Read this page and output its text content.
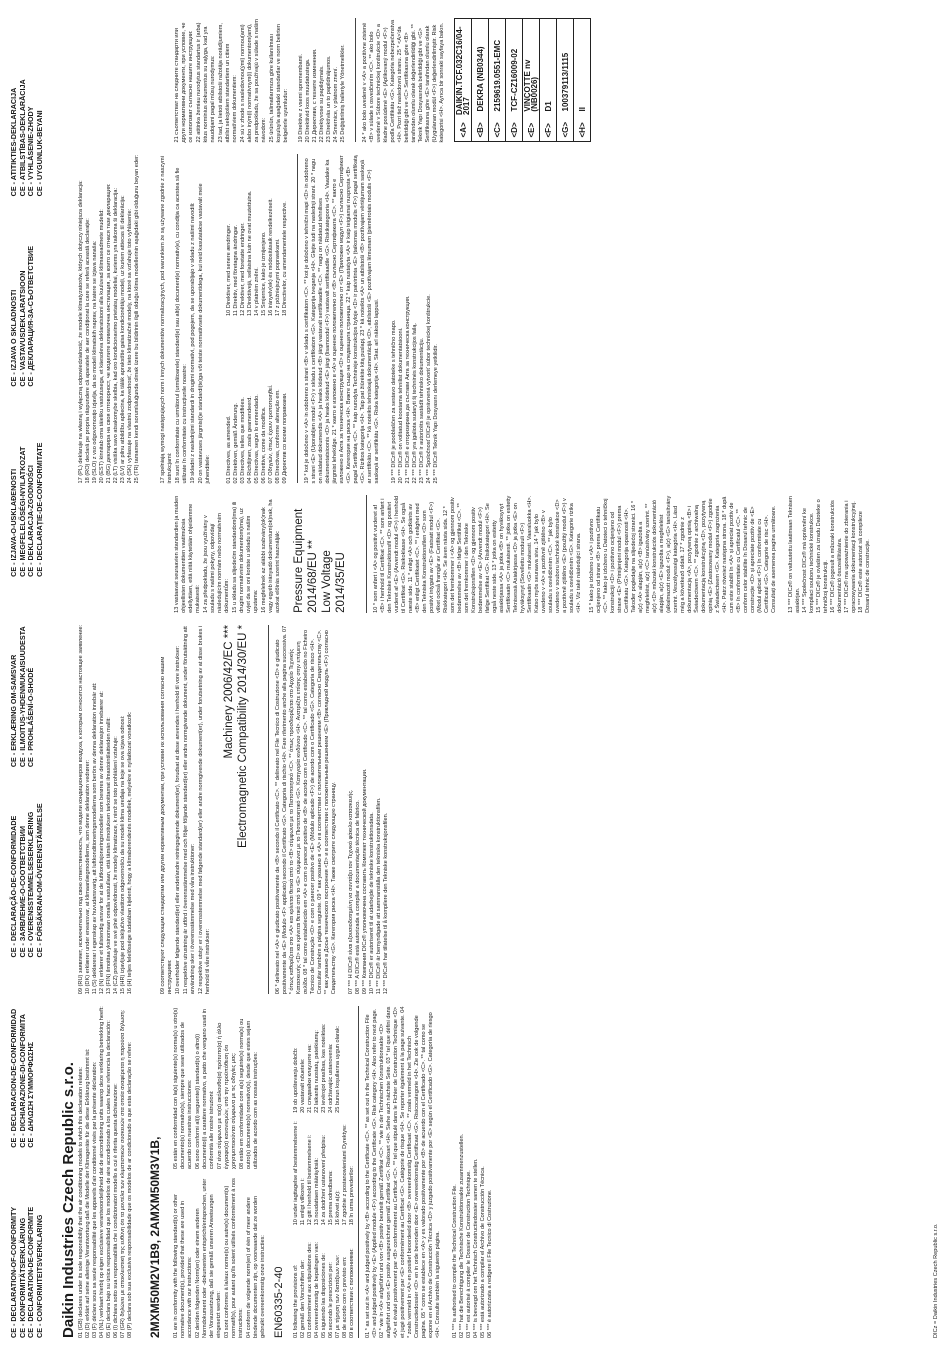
CE - DECLARATION-OF-CONFORMITY CE - KONFORMITÄTSERKLÄRUNG CE - DECLARATION-DE-CONFORMITE CE - CONFORMITEITSVERKLARING
CE - DECLARACION-DE-CONFORMIDAD CE - DICHIARAZIONE-DI-CONFORMITA CE - ΔΗΛΩΣΗ ΣΥΜΜΟΡΦΩΣΗΣ
CE - DECLARAÇÃO-DE-CONFORMIDADE CE - ЗАЯВЛЕНИЕ-О-СООТВЕТСТВИИ CE - OVERENSSTEMMELSESERKLÆRING CE - FÖRSÄKRAN-OM-ÖVERENSTÄMMELSE
CE - ERKLÆRING OM-SAMSVAR CE - ILMOITUS-YHDENMUKAISUUDESTA CE - PROHLÁŠENÍ-O-SHODĚ
CE - IZJAVA-O-USKLAĐENOSTI CE - MEGFELELŐSÉGI-NYILATKOZAT CE - DEKLARACJA-ZGODNOŚCI CE - DECLARAȚIE-DE-CONFORMITATE
CE - IZJAVA O SKLADNOSTI CE - VASTAVUSDEKLARATSIOON CE - ДЕКЛАРАЦИЯ-ЗА-СЪОТВЕТСТВИЕ
CE - ATITIKTIES-DEKLARACIJA CE - ATBILSTĪBAS-DEKLARĀCIJA CE - VYHLÁSENIE-ZHODY CE - UYGUNLUK-BEYANI
Daikin Industries Czech Republic s.r.o. 01 (GB) declares under its sole responsibility that the air conditioning models to which this declaration relates: 02 (D) erklärt auf seine alleinige Verantwortung daß die Modelle der Klimageräte für die diese Erklärung bestimmt ist: 03 (F) déclare sous sa seule responsabilité que les appareils d'air conditionné visés par la présente déclaration: 04 (NL) verklaart hierbij op eigen exclusieve verantwoordelijkheid dat de airconditioning units waarop deze verklaring betrekking heeft: 05 (E) declara bajo su única responsabilidad que los modelos de aire acondicionado a los cuales hace referencia la declaración: 06 (I) dichiara sotto sua responsabilità che i condizionatori modello a cui è riferita questa dichiarazione: 07 (GR) δηλώνει με αποκλειστική της ευθύνη ότι τα μοντέλα των κλιματιστικών συσκευών στα οποία αναφέρεται η παρούσα δήλωση: 08 (P) declara sob sua exclusiva responsabilidade que os modelos de ar condicionado a que esta declaração se refere: 2MXM50M2V1B9, 2AMXM50M3V1B, 01 are in conformity with the following standard(s) or other normative document(s), provided that these are used in accordance with our instructions: 02 der/den folgenden Norm(en) oder einem anderen Normdokument oder -dokumenten entspricht/entsprechen, unter der Voraussetzung, daß sie gemäß unseren Anweisungen eingesetzt werden: 03 sont conformes à la/aux norme(s) ou autre(s) document(s) normatif(s), pour autant qu'ils soient utilisés conformément à nos instructions: 04 conform de volgende norm(en) of één of meer andere bindende documenten zijn, op voorwaarde dat ze worden gebruikt overeenkomstig onze instructies:

05 están en conformidad con la(s) siguiente(s) norma(s) u otro(s) documento(s) normativo(s), siempre que sean utilizados de acuerdo con nuestras instrucciones: 06 sono conformi al(i) seguente(i) standard(s) o altro(i) documento(i) a carattere normativo, a patto che vengano usati in conformità alle nostre istruzioni: 07 είναι σύμφωνα με το(α) ακόλουθο(α) πρότυπο(α) ή άλλο έγγραφο(α) κανονισμών, υπό την προϋπόθεση ότι χρησιμοποιούνται σύμφωνα με τις οδηγίες μας: 08 estão em conformidade com a(s) seguinte(s) norma(s) ou outro(s) documento(s) normativo(s), desde que estes sejam utilizados de acordo com as nossas instruções:

EN60335-2-40 01 following the provisions of: 02 gemäß den Vorschriften der: 03 conformément aux stipulations des: 04 overeenkomstig de bepalingen van: 05 siguiendo las disposiciones de: 06 secondo le prescrizioni per: 07 με τήρηση των διατάξεων των: 08 de acordo com o previsto em: 09 в соответствии с положениями:
10 under iagttagelse af bestemmelserne i: 11 enligt villkoren i: 12 gitt i henhold til bestemmelsene i: 13 noudattaen määräyksiä: 14 za dodržení ustanovení předpisu: 15 prema odredbama: 16 követi a(z): 17 zgodnie z postanowieniami Dyrektyw: 18 în urma prevederilor:
19 ob upoštevanju določb: 20 vastavalt nõuetele: 21 следвайки клаузите на: 22 laikantis nuostatų, pateikiamų: 23 ievērojot prasības, kas noteiktas: 24 održiavajúc ustanovenia: 25 bunun koşullarına uygun olarak:	01 * as set out in <A> and judged positively by <B> according to the Certificate <C>. ** as set out in the Technical Construction File <D> and judged positively by <E> (Applied module <F>) according to the Certificate <G>. Risk category <H>. Also refer to next page. 02 * wie in <A> aufgeführt und von <B> positiv beurteilt gemäß Zertifikat <C>. ** wie in der Technischen Konstruktionsakte <D> aufgeführt und von <E> positiv ausgezeichnet gemäß Zertifikat <G>. Risikoart <H>. Siehe auch nächste Seite. 03 * tel que défini dans <A> et évalué positivement par <B> conformément au Certificat <C>. ** tel que stipulé dans le Fichier de Construction Technique <D> et jugé positivement par <E> conformément au Certificat <G>. Catégorie de risque <H>. Se reporter également à la page suivante. 04 * zoals vermeld in <A> en positief beoordeeld door <B> overeenkomstig Certificaat <C>. ** zoals vermeld in het Technisch Constructiedossier <D> en in orde bevonden door <E> overeenkomstig Certificaat <G>. Risicocategorie <H>. Zie ook de volgende pagina. 05 * como se establece en <A> y es valorado positivamente por <B> de acuerdo con el Certificado <C>. ** tal como se expone en el Archivo de Construcción Técnica <D> y juzgado positivamente por <E> según el Certificado <G>. Categoría de riesgo <H>. Consulte también la siguiente página. 01 *** is authorised to compile the Technical Construction File. 02 *** hat die Berechtigung die Technische Konstruktionsakte zusammenzustellen. 03 *** est autorisé à compiler le Dossier de Construction Technique. 04 *** is bevoegd om het Technisch Constructiedossier samen te stellen. 05 *** está autorizado a compilar el Archivo de Construcción Técnica. 06 *** è autorizzata a redigere il File Tecnico di Costruzione.	DICz = Daikin Industries Czech Republic s.r.o.
09 (RU) заявляет, исключительно под свою ответственность, что модели кондиционеров воздуха, к которым относится настоящее заявление: 10 (DK) erklærer under eneansvar, at klimaanlægmodellerne, som denne deklaration vedrører: 11 (S) deklarerar i egenskap av huvudansvarig, att luftkonditioneringsmodellerna som berörs av denna deklaration innebär att: 12 (N) erklærer et fullstendig ansvar for at de luftkondisjoneringsmodeller som berøres av denne deklarasjon innebærer at: 13 (FIN) ilmoittaa yksinomaan omalla vastuullaan, että tämän ilmoituksen tarkoittamat ilmastointilaitteiden mallit: 14 (CZ) prohlašuje ve své plné odpovědnosti, že modely klimatizace, k nimž se toto prohlášení vztahuje: 15 (HR) izjavljuje pod isključivo vlastitom odgovornošću da su modeli klima uređaja na koje se ova izjava odnosi: 16 (H) teljes felelőssége tudatában kijelenti, hogy a klímaberendezés modellek, melyekre e nyilatkozat vonatkozik:	09 соответствуют следующим стандартам или другим нормативным документам, при условии их использования согласно нашим инструкциям: 10 overholder følgende standard(er) eller andet/andre retningsgivende dokument(er), forudsat at disse anvendes i henhold til vore instrukser: 11 respektive utrustning är utförd i överensstämmelse med och följer följande standard(er) eller andra normgivande dokument, under förutsättning att användning sker i överensstämmelse med våra instruktioner: 12 respektive utstyr er i overensstemmelse med følgende standard(er) eller andre normgivende dokument(er), under forutsetning av at disse brukes i henhold til våre instrukser:

Machinery 2006/42/EC *** Electromagnetic Compatibility 2014/30/EU *	06 * delineato nel <A> e giudicato positivamente da <B> secondo il Certificato <C>. ** delineato nel File Tecnico di Costruzione <D> e giudicato positivamente da <E> (Modulo <F> applicato) secondo il Certificato <G>. Categoria di rischio <H>. Fare riferimento anche alla pagina successiva. 07 * όπως καθορίζεται στο <A> και κρίνεται θετικά από το <B> σύμφωνα με το Πιστοποιητικό <C>. ** όπως προσδιορίζεται στο Αρχείο Τεχνικής Κατασκευής <D> και κρίνεται θετικά από το <E> σύμφωνα με το Πιστοποιητικό <G>. Κατηγορία κινδύνου <H>. Ανατρέξτε επίσης στην επόμενη σελίδα. 08 * tal como estabelecido em <A> e com o parecer positivo de <B> de acordo com o Certificado <C>. ** tal como estabelecido no Ficheiro Técnico de Construção <D> e com o parecer positivo de <E> (Módulo aplicado <F>) de acordo com o Certificado <G>. Categoria de risco <H>. Consultar também a página seguinte. 09 * как указано в <A> и в соответствии с положительным решением <B> согласно Свидетельству <C>. ** как указано в Досье технического построения <D> и в соответствии с положительным решением <E> (Прикладной модуль <F>) согласно Свидетельству <G>. Категория риска <H>. Также смотрите следующую страницу. 07 *** Η DICz® είναι εξουσιοδοτημένη να συντάξει τον Τεχνικό φάκελο κατασκευής. 08 *** A DICz® está autorizada a compilar a documentação técnica de fabrico. 09 *** Компания DICz® уполномочена составить Комплект технической документации. 10 *** DICz® er autoriseret til at udarbejde de tekniske konstruktionsdata. 11 *** DICz® är bemyndigade att sammanställa den tekniska konstruktionsfilen. 12 *** DICz® har tillatelse til å kompilere den Tekniske konstruksjonsfilen.

13 vastaavat seuraavien standardien ja muiden ohjeellisten dokumenttien vaatimuksia edellyttäen, että niitä käytetään ohjeidemme mukaisesti: 14 za předpokladu, že jsou využívány v souladu s našimi pokyny, odpovídají následujícím normám nebo normativním dokumentům: 15 u skladu sa slijedećim standardom(ima) ili drugim normativnim dokumentom(ima), uz uvjet da se oni koriste u skladu s našim uputama: 16 megfelelnek az alábbi szabvány(ok)nak vagy egyéb irányadó dokumentum(ok)nak, ha azokat előírás szerint használják: Pressure Equipment 2014/68/EU ** Low Voltage 2014/35/EU	10 * som anført i <A> og positivt vurderet af <B> i henhold til Certifikat <C>. ** som anført i den Tekniske Konstruktionsfil <D> og positivt vurderet af <E> (Anvendt modul <F>) i henhold til Certifikat <G>. Risikoklasse <H>. Se også næste side. 11 * enligt <A> och godkänts av <B> enligt Certifikatet <C>. ** i enlighet med den Tekniska Konstruktionsfilen <D> som positivt intygats av <E> (Fastsatt modul <F>) vilket också framgår av Certifikat <G>. Riskkategori <H>. Se även nästa sida. 12 * som det fremkommer i <A> og gjennom positiv bedømmelse av <B> ifølge Sertifikat <C>. ** som det fremkommer i den Tekniske Konstruksjonsfilen <D> og gjennom positiv bedømmelse av <E> (Anvendt modul <F>) ifølge Sertifikat <G>. Risikokategori <H>. Se også neste side. 13 * jotka on esitetty asiakirjassa <A> ja jotka <B> on hyväksynyt Sertifikaatin <C> mukaisesti. ** jotka on esitetty Teknisessä Asiakirjassa <D> ja jotka <E> on hyväksynyt (Sovellettu moduuli <F>) Sertifikaatin <G> mukaisesti. Vaaraluokka <H>. Katso myös seuraava sivu. 14 * jak bylo uvedeno v <A> a pozitivně zjištěno <B> v souladu s osvědčením <C>. ** jak bylo uvedeno v souboru technické konstrukce <D> a pozitivně zjištěno <E> (použitý modul <F>) v souladu s osvědčením <G>. Kategorie rizika <H>. Viz také následující strana. 15 * kako je izloženo u <A> i pozitivno ocijenjeno od strane <B> prema Certifikatu <C>. ** kako je izloženo u Datoteci o tehničkoj konstrukciji <D> i pozitivno ocijenjeno od strane <E> (Primijenjeni modul <F>) prema Certifikatu <G>. Kategorija opasnosti <H>. Također pogledajte na slijedećoj stranici. 16 * a(z) <A> alapján, a(z) <B> igazolta a megfelelést, a(z) <C> tanúsítvány szerint. ** a(z) <D> műszaki konstrukciós dokumentáció alapján, a(z) <E> igazolta a megfelelést (alkalmazott modul: <F>), a(z) <G> tanúsítvány szerint. Veszélyességi kategória <H>. Lásd még a következő oldalt. 17 * zgodnie z dokumentacją <A>, pozytywną opinią <B> i Świadectwem <C>. ** zgodnie z archiwalną dokumentacją konstrukcyjną <D>, pozytywną opinią <E> (Zastosowany moduł <F>) zgodnie z Świadectwem <G>. Kategoria zagrożenia <H>. Patrz również następna strona. 18 * după cum este stabilit în <A> și apreciat pozitiv de <B> în conformitate cu Certificatul <C>. ** conform celor stabilite în Dosarul tehnic de construcție <D> și apreciate pozitiv de <E> (Modul aplicat <F>) în conformitate cu Certificatul <G>. Categorie de risc <H>. Consultați de asemenea pagina următoare. 13 *** DICz® on valtuutettu laatimaan Teknisen asiakirjan. 14 *** Společnost DICz® má oprávnění ke kompilaci souboru technické konstrukce. 15 *** DICz® je ovlašten za izradu Datoteke o tehničkoj konstrukciji. 16 *** DICz® jogosult a műszaki konstrukciós dokumentáció összeállítására. 17 *** DICz® ma upoważnienie do zbierania i opracowywania dokumentacji konstrukcyjnej. 18 *** DICz® este autorizat să compileze Dosarul tehnic de construcție.
17 (PL) deklaruje na własną i wyłączną odpowiedzialność, że modele klimatyzatorów, których dotyczy niniejsza deklaracja: 18 (RO) declară pe propria răspundere că aparatele de aer condiționat la care se referă această declarație: 19 (SLO) z vso odgovornostjo izjavlja, da so modeli klimatskih naprav, na katere se izjava nanaša: 20 (EST) kinnitab oma täieliku vastutusega, et käesoleva deklaratsiooni alla kuuluvad kliimaseadmete mudelid: 21 (BG) декларира на своя отговорност, че моделите климатична инсталация, за които се отнася тази декларация: 22 (LT) visiška savo atsakomybe skelbia, kad oro kondicionavimo prietaisų modeliai, kuriems yra taikoma ši deklaracija: 23 (LV) ar pilnu atbildību apliecina, ka tālāk aprakstītie gaisa kondicionētāju modeļi, uz kuriem attiecas šī deklarācija: 24 (SK) vyhlasuje na vlastnú zodpovednosť, že tieto klimatizačné modely, na ktoré sa vzťahuje toto vyhlásenie: 25 (TR) tamamen kendi sorumluluğunda olmak üzere bu bildirinin ilgili olduğu klima modellerinin aşağıdaki gibi olduğunu beyan eder:	17 spełniają wymogi następujących norm i innych dokumentów normalizacyjnych, pod warunkiem że są używane zgodnie z naszymi instrukcjami: 18 sunt în conformitate cu următorul (următoarele) standard(e) sau alt(e) document(e) normativ(e), cu condiția ca acestea să fie utilizate în conformitate cu instrucțiunile noastre: 19 skladni z naslednjimi standardi in drugimi normativi, pod pogojem, da se uporabljajo v skladu z našimi navodili: 20 on vastavuses järgmis(t)e standardi(te)ga või teiste normatiivsete dokumentidega, kui neid kasutatakse vastavalt meie juhenditele:	01 Directives, as amended. 02 Direktiven, gemäß Änderung. 03 Directives, telles que modifiées. 04 Richtlijnen, zoals geamendeerd. 05 Directivas, según lo enmendado. 06 Direttive, come da modifica. 07 Οδηγιών, όπως έχουν τροποποιηθεί. 08 Directivas, conforme alteração em. 09 Директив со всеми поправками.
10 Direktiver, med senere ændringer. 11 Direktiv, med företagna ändringar. 12 Direktiver, med foretatte endringer. 13 Direktiivejä, sellaisina kuin ne ovat muutettuina. 14 v platném znění. 15 Smjernice, kako je izmijenjeno. 16 irányelv(ek) és módosításaik rendelkezéseit. 17 z późniejszymi poprawkami. 18 Directivelor, cu amendamentele respective.	19 * kot je določeno v <A> in odobreno s strani <B> v skladu s certifikatom <C>. ** kot je določeno v tehnični mapi <D> in odobreno s strani <E> (Uporabljen modul <F>) v skladu s certifikatom <G>. Kategorija tveganja <H>. Glejte tudi na naslednji strani. 20 * nagu on näidatud dokumendis <A> ja heaks kiidetud <B> järgi vastavalt sertifikaadile <C>. ** nagu on näidatud tehnilises dokumentatsioonis <D> ja heaks kiidetud <E> järgi (lisamoodul <F>) vastavalt sertifikaadile <G>. Riskikategooria <H>. Vaadake ka järgmist lehekülge. 21 * както е изложено в <A> и оценено положително от <B> съгласно Сертификата <C>. ** както е изложено в Акта за техническа конструкция <D> и оценено положително от <E> (Приложен модул <F>) съгласно Сертификат <G>. Категория на риска <H>. Вижте също на следващата страница. 22 * kaip nustatyta <A> ir kaip teigiamai nuspręsta <B> pagal Sertifikatą <C>. ** kaip nurodyta Techninėje konstrukcijos byloje <D> ir patvirtinta <E> (taikomas modulis <F>) pagal sertifikatą <G>. Rizikos kategorija <H>. Taip pat žiūrėkite kitą puslapį. 23 * kā noteikts <A> un atbilstoši <B> pozitīvajam vērtējumam saskaņā ar sertifikātu <C>. ** kā noteikts tehniskajā dokumentācijā <D>, atbilstoši <E> pozitīvajam lēmumam (piemērotais modulis <F>) saskaņā ar sertifikātu <G>. Riska kategorija <H>. Skat. arī nākošo lappusi. 19 *** DICz® je pooblaščen za sestavo datoteke s tehnično mapo. 20 *** DICz® on volitatud koostama tehnilist dokumentatsiooni. 21 *** DICz® е оторизирана да състави Акта за техническа конструкция. 22 *** DICz® yra įgaliota sudaryti šį techninės konstrukcijos failą. 23 *** DICz® ir autorizēts sastādīt tehnisko dokumentāciju. 24 *** Spoločnosť DICz® je oprávnená vytvoriť súbor technickej konštrukcie. 25 *** DICz® Teknik Yapı Dosyasını derlemeye yetkilidir.

21 съответстват на следните стандарти или други нормативни документи, при условие, че се използват съгласно нашите инструкции: 22 atitinka žemiau nurodytus standartus ir (arba) kitus norminius dokumentus su sąlyga, kad yra naudojami pagal mūsų nurodymus: 23 tad, ja lietoti atbilstoši ražotāja norādījumiem, atbilst sekojošiem standartiem un citiem normatīviem dokumentiem: 24 sú v zhode s nasledovnou(ými) normou(ami) alebo iným(i) normatívnym(i) dokumentom(ami), za predpokladu, že sa používajú v súlade s našim návodom: 25 ürünün, talimatlarımıza göre kullanılması koşuluyla aşağıdaki standartlar ve norm belirten belgelerle uyumludur: 19 Direktive z vsemi spremembami. 20 Direktiivid koos muudatustega. 21 Директиви, с техните изменения. 22 Direktyvose su papildymais. 23 Direktīvās un to papildinājumos. 24 Smernice, v platnom znení. 25 Değiştirilmiş halleriyle Yönetmelikler.	24 * ako bolo uvedené v <A> a pozitívne zistené <B> v súlade s osvedčením <C>. ** ako bolo uvedené v Súbore technickej konštrukcie <D> a kladne posúdené <E> (Aplikovaný modul <F>) podľa Certifikátu <G>. Kategória nebezpečenstva <H>. Pozri tiež nasledovnú stranu. 25 * <A>'da belirtildiği gibi ve <C> Sertifikasına göre <B> tarafından olumlu olarak değerlendirildiği gibi. ** Teknik Yapı Dosyasında belirtildiği gibi ve <G> Sertifikasına göre <E> tarafından olumlu olarak (Uygulanan modül <F>) değerlendirilmiştir. Risk kategorisi <H>. Ayrıca bir sonraki sayfaya bakın. <A>
DAIKIN.TCF.032C16/04-2017
<B>
DEKRA (NB0344)
<C>
2159619.0551-EMC
<D>
TCF-CZ16009-02
<E>
VINÇOTTE nv (NB0026)
<F>
D1
<G>
100379113/1115
<H>
II
